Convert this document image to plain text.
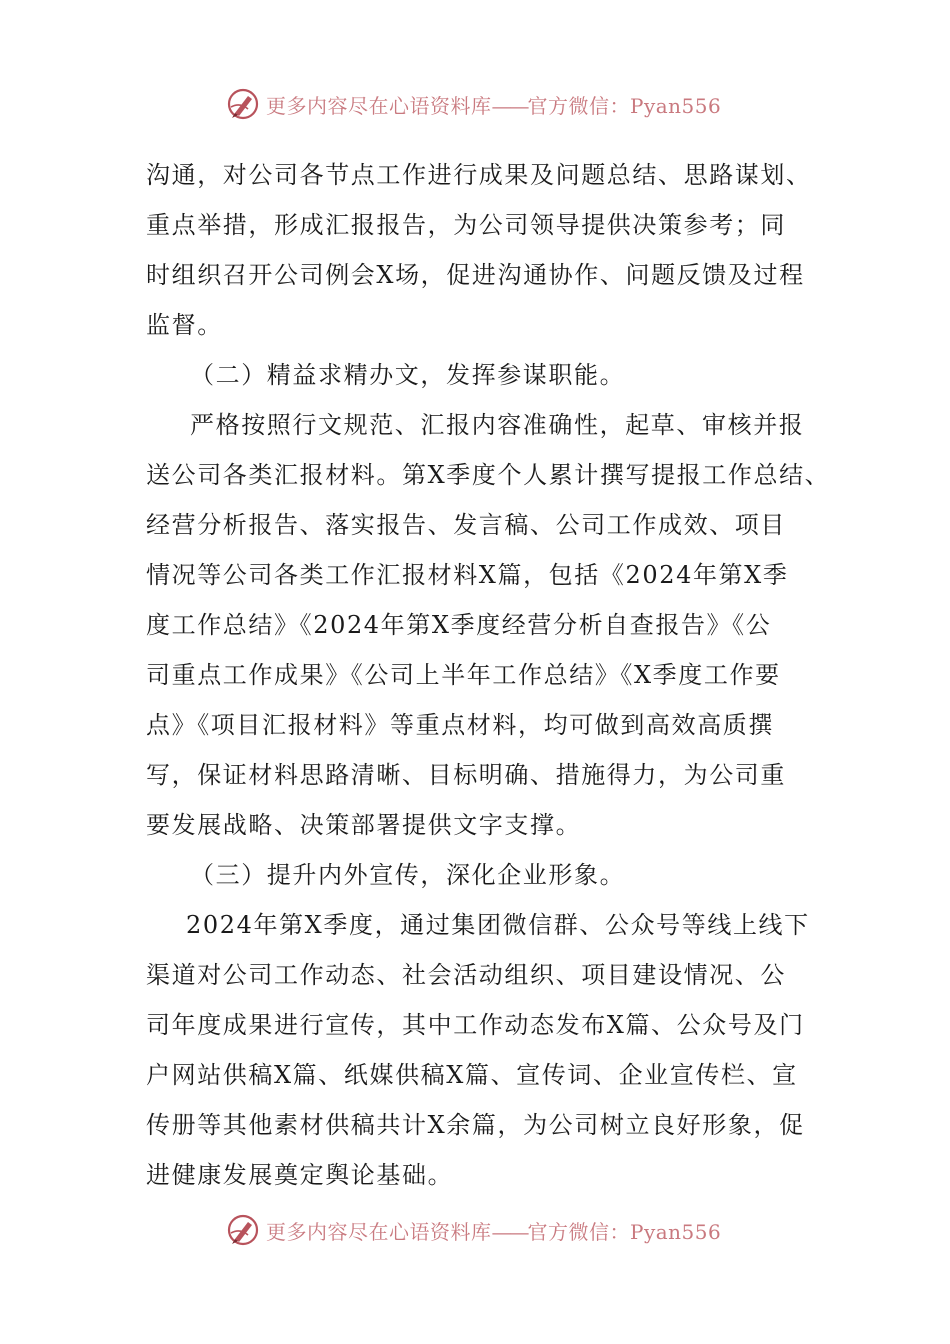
更多内容尽在心语资料库——官方微信：Pyan556
沟通，对公司各节点工作进行成果及问题总结、思路谋划、
重点举措，形成汇报报告，为公司领导提供决策参考；同
时组织召开公司例会X场，促进沟通协作、问题反馈及过程
监督。
（二）精益求精办文，发挥参谋职能。
严格按照行文规范、汇报内容准确性，起草、审核并报
送公司各类汇报材料。第X季度个人累计撰写提报工作总结、
经营分析报告、落实报告、发言稿、公司工作成效、项目
情况等公司各类工作汇报材料X篇，包括《2024年第X季
度工作总结》《2024年第X季度经营分析自查报告》《公
司重点工作成果》《公司上半年工作总结》《X季度工作要
点》《项目汇报材料》等重点材料，均可做到高效高质撰
写，保证材料思路清晰、目标明确、措施得力，为公司重
要发展战略、决策部署提供文字支撑。
（三）提升内外宣传，深化企业形象。
2024年第X季度，通过集团微信群、公众号等线上线下
渠道对公司工作动态、社会活动组织、项目建设情况、公
司年度成果进行宣传，其中工作动态发布X篇、公众号及门
户网站供稿X篇、纸媒供稿X篇、宣传词、企业宣传栏、宣
传册等其他素材供稿共计X余篇，为公司树立良好形象，促
进健康发展奠定舆论基础。
更多内容尽在心语资料库——官方微信：Pyan556
